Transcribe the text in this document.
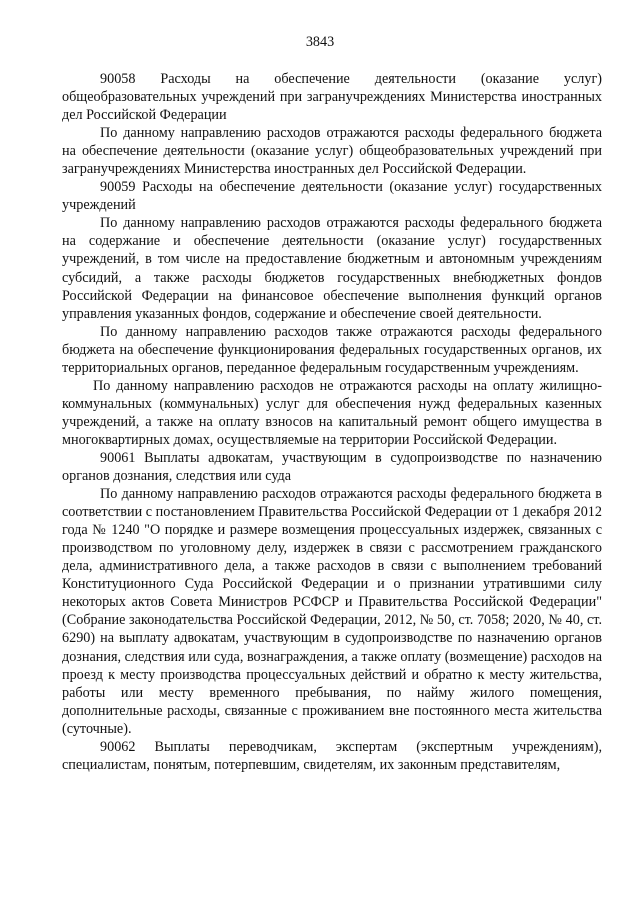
3843

90058 Расходы на обеспечение деятельности (оказание услуг) общеобразовательных учреждений при загранучреждениях Министерства иностранных дел Российской Федерации

По данному направлению расходов отражаются расходы федерального бюджета на обеспечение деятельности (оказание услуг) общеобразовательных учреждений при загранучреждениях Министерства иностранных дел Российской Федерации.

90059 Расходы на обеспечение деятельности (оказание услуг) государственных учреждений

По данному направлению расходов отражаются расходы федерального бюджета на содержание и обеспечение деятельности (оказание услуг) государственных учреждений, в том числе на предоставление бюджетным и автономным учреждениям субсидий, а также расходы бюджетов государственных внебюджетных фондов Российской Федерации на финансовое обеспечение выполнения функций органов управления указанных фондов, содержание и обеспечение своей деятельности.

По данному направлению расходов также отражаются расходы федерального бюджета на обеспечение функционирования федеральных государственных органов, их территориальных органов, переданное федеральным государственным учреждениям.

По данному направлению расходов не отражаются расходы на оплату жилищно-коммунальных (коммунальных) услуг для обеспечения нужд федеральных казенных учреждений, а также на оплату взносов на капитальный ремонт общего имущества в многоквартирных домах, осуществляемые на территории Российской Федерации.

90061 Выплаты адвокатам, участвующим в судопроизводстве по назначению органов дознания, следствия или суда

По данному направлению расходов отражаются расходы федерального бюджета в соответствии с постановлением Правительства Российской Федерации от 1 декабря 2012 года № 1240 "О порядке и размере возмещения процессуальных издержек, связанных с производством по уголовному делу, издержек в связи с рассмотрением гражданского дела, административного дела, а также расходов в связи с выполнением требований Конституционного Суда Российской Федерации и о признании утратившими силу некоторых актов Совета Министров РСФСР и Правительства Российской Федерации" (Собрание законодательства Российской Федерации, 2012, № 50, ст. 7058; 2020, № 40, ст. 6290) на выплату адвокатам, участвующим в судопроизводстве по назначению органов дознания, следствия или суда, вознаграждения, а также оплату (возмещение) расходов на проезд к месту производства процессуальных действий и обратно к месту жительства, работы или месту временного пребывания, по найму жилого помещения, дополнительные расходы, связанные с проживанием вне постоянного места жительства (суточные).

90062 Выплаты переводчикам, экспертам (экспертным учреждениям), специалистам, понятым, потерпевшим, свидетелям, их законным представителям,
